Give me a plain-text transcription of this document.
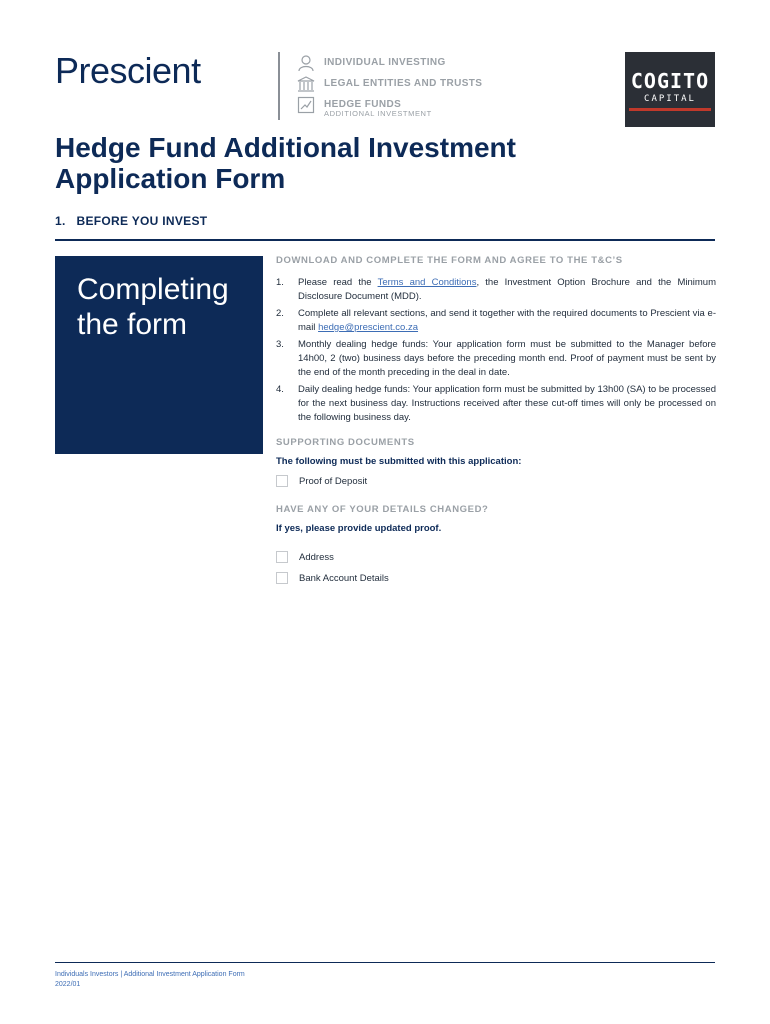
Prescient	INDIVIDUAL INVESTING
LEGAL ENTITIES AND TRUSTS
HEDGE FUNDS
ADDITIONAL INVESTMENT
COGITO
CAPITAL
Hedge Fund Additional Investment
Application Form
1. BEFORE YOU INVEST
Completing
the form
DOWNLOAD AND COMPLETE THE FORM AND AGREE TO THE T&C’S
1.	Please read the Terms and Conditions, the Investment Option Brochure and the Minimum Disclosure Document (MDD).
2.	Complete all relevant sections, and send it together with the required documents to Prescient via e-mail hedge@prescient.co.za
3.	Monthly dealing hedge funds: Your application form must be submitted to the Manager before 14h00, 2 (two) business days before the preceding month end. Proof of payment must be sent by the end of the month preceding in the deal in date.
4.	Daily dealing hedge funds: Your application form must be submitted by 13h00 (SA) to be processed for the next business day. Instructions received after these cut-off times will only be processed on the following business day.
SUPPORTING DOCUMENTS
The following must be submitted with this application:
Proof of Deposit
HAVE ANY OF YOUR DETAILS CHANGED?
If yes, please provide updated proof.
Address
Bank Account Details
Individuals Investors | Additional Investment Application Form
2022/01
